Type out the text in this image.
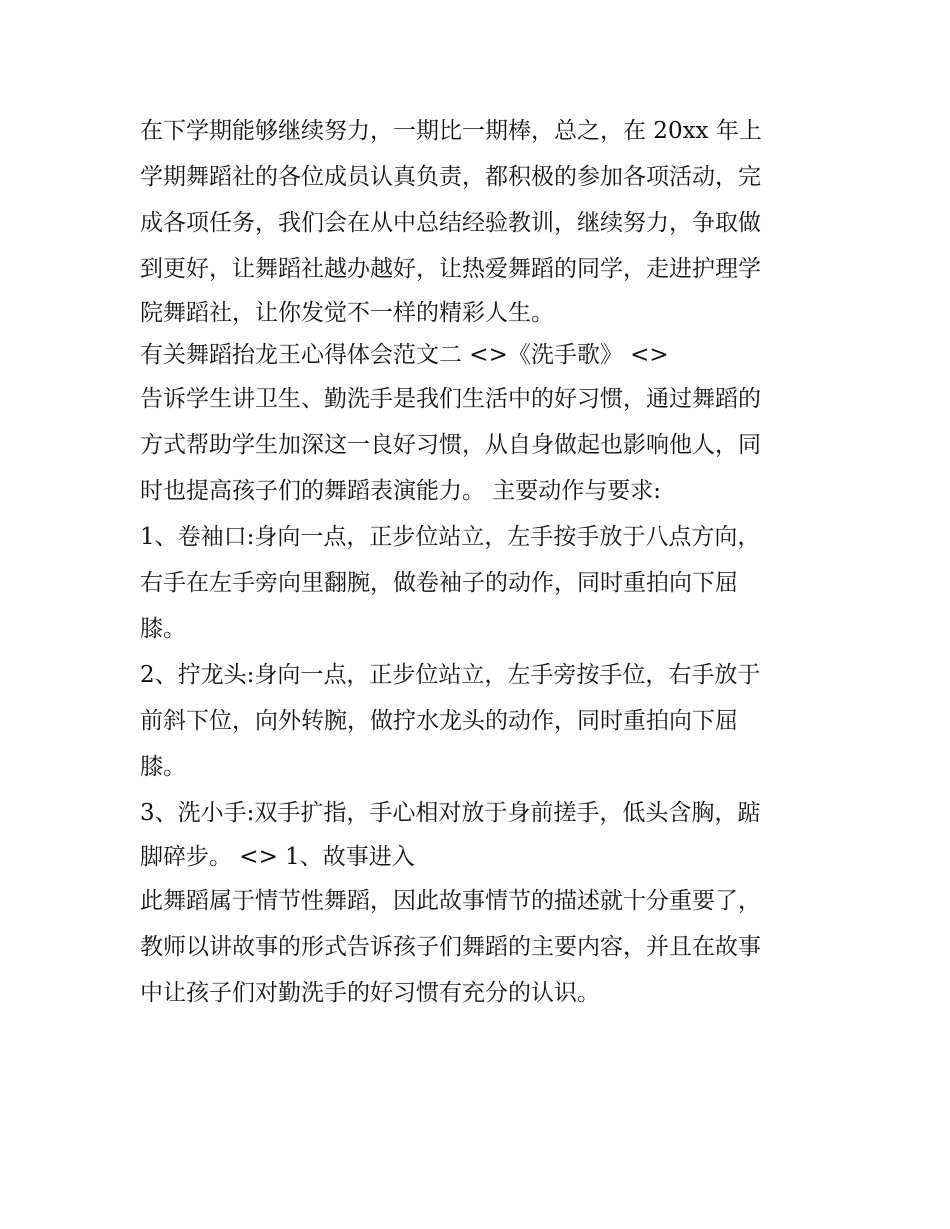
在下学期能够继续努力，一期比一期棒，总之，在 20xx 年上
学期舞蹈社的各位成员认真负责，都积极的参加各项活动，完
成各项任务，我们会在从中总结经验教训，继续努力，争取做
到更好，让舞蹈社越办越好，让热爱舞蹈的同学，走进护理学
院舞蹈社，让你发觉不一样的精彩人生。
有关舞蹈抬龙王心得体会范文二 <>《洗手歌》 <>
告诉学生讲卫生、勤洗手是我们生活中的好习惯，通过舞蹈的
方式帮助学生加深这一良好习惯，从自身做起也影响他人，同
时也提高孩子们的舞蹈表演能力。 主要动作与要求:
1、卷袖口:身向一点，正步位站立，左手按手放于八点方向，
右手在左手旁向里翻腕，做卷袖子的动作，同时重拍向下屈
膝。
2、拧龙头:身向一点，正步位站立，左手旁按手位，右手放于
前斜下位，向外转腕，做拧水龙头的动作，同时重拍向下屈
膝。
3、洗小手:双手扩指，手心相对放于身前搓手，低头含胸，踮
脚碎步。 <> 1、故事进入
此舞蹈属于情节性舞蹈，因此故事情节的描述就十分重要了，
教师以讲故事的形式告诉孩子们舞蹈的主要内容，并且在故事
中让孩子们对勤洗手的好习惯有充分的认识。
